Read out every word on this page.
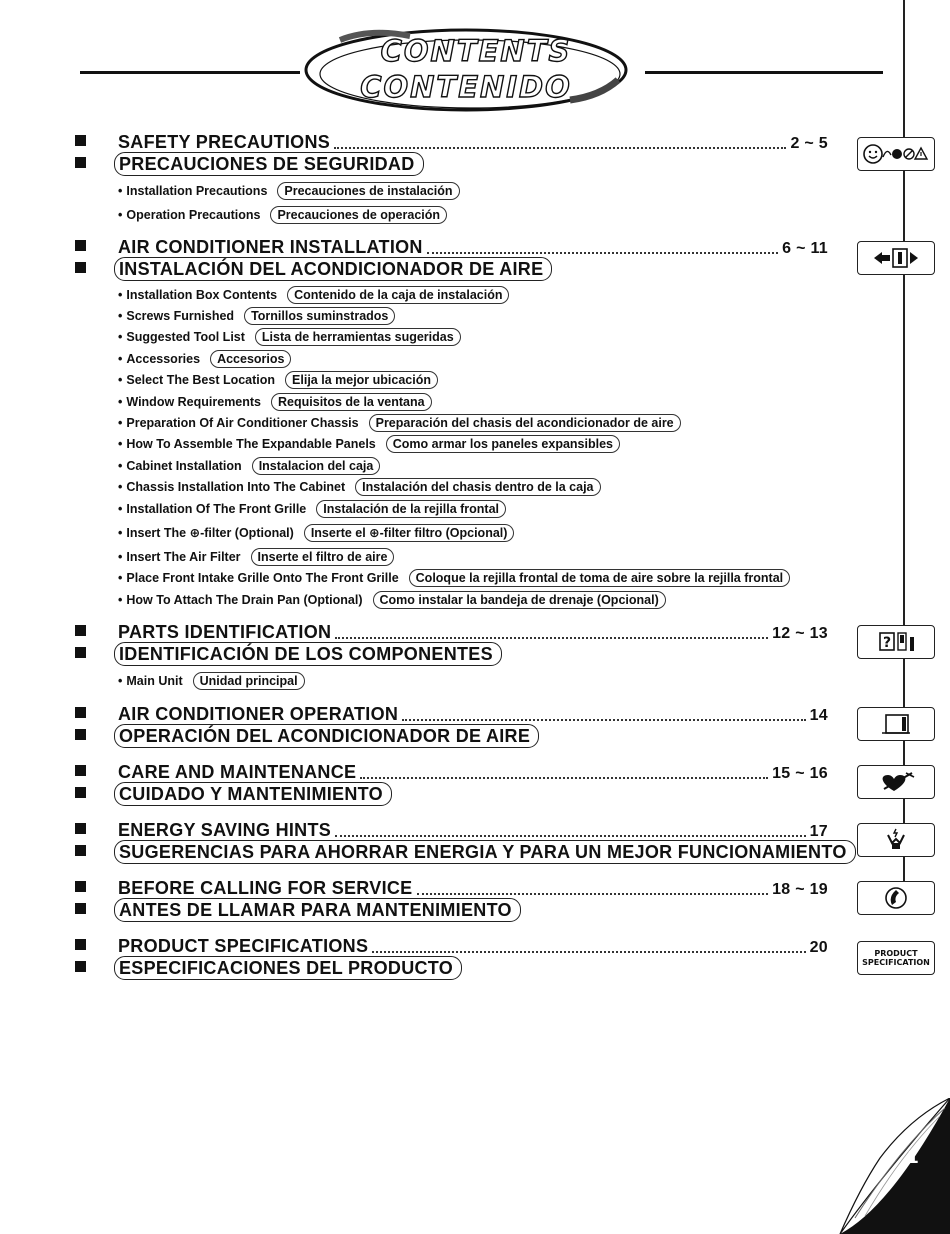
CONTENTS
CONTENIDO
SAFETY PRECAUTIONS	2 ~ 5
PRECAUCIONES DE SEGURIDAD
• Installation Precautions	Precauciones de instalación
• Operation Precautions	Precauciones de operación
AIR CONDITIONER INSTALLATION	6 ~ 11
INSTALACIÓN DEL ACONDICIONADOR DE AIRE
• Installation Box Contents	Contenido de la caja de instalación
• Screws Furnished	Tornillos suminstrados
• Suggested Tool List	Lista de herramientas sugeridas
• Accessories	Accesorios
• Select The Best Location	Elija la mejor ubicación
• Window Requirements	Requisitos de la ventana
• Preparation Of Air Conditioner Chassis	Preparación del chasis del acondicionador de aire
• How To Assemble The Expandable Panels	Como armar los paneles expansibles
• Cabinet Installation	Instalacion del caja
• Chassis Installation Into The Cabinet	Instalación del chasis dentro de la caja
• Installation Of The Front Grille	Instalación de la rejilla frontal
• Insert The ⊕-filter (Optional)	Inserte el ⊕-filter filtro (Opcional)
• Insert The Air Filter	Inserte el filtro de aire
• Place Front Intake Grille Onto The Front Grille	Coloque la rejilla frontal de toma de aire sobre la rejilla frontal
• How To Attach The Drain Pan (Optional)	Como instalar la bandeja de drenaje (Opcional)
PARTS IDENTIFICATION	12 ~ 13
IDENTIFICACIÓN DE LOS COMPONENTES
• Main Unit	Unidad principal
AIR CONDITIONER OPERATION	14
OPERACIÓN DEL ACONDICIONADOR DE AIRE
CARE AND MAINTENANCE	15 ~ 16
CUIDADO Y MANTENIMIENTO
ENERGY SAVING HINTS	17
SUGERENCIAS PARA AHORRAR ENERGIA Y PARA UN MEJOR FUNCIONAMIENTO
BEFORE CALLING FOR SERVICE	18 ~ 19
ANTES DE LLAMAR PARA MANTENIMIENTO
PRODUCT SPECIFICATIONS	20
ESPECIFICACIONES DEL PRODUCTO
?
PRODUCT
SPECIFICATION
1
